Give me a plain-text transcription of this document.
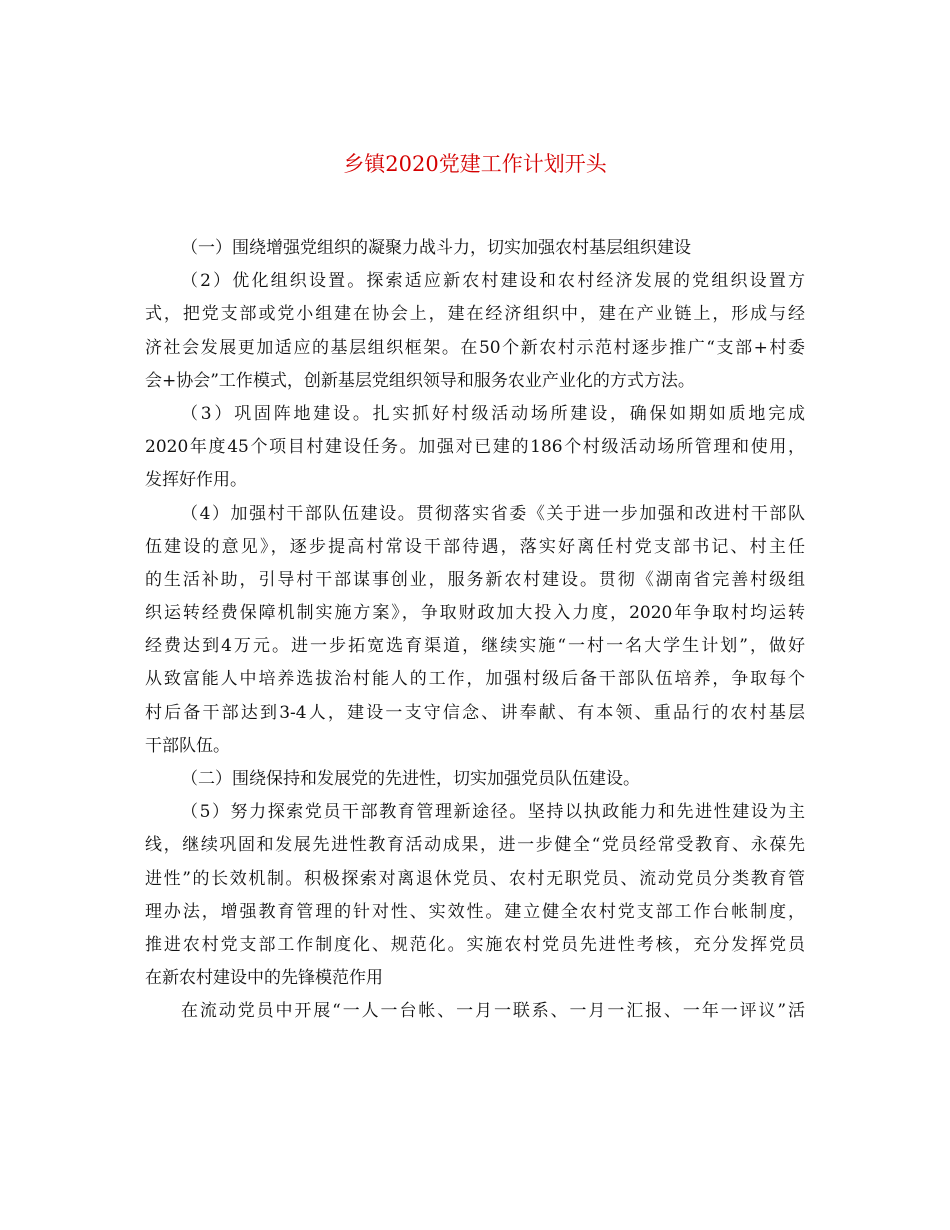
乡镇2020党建工作计划开头
（一）围绕增强党组织的凝聚力战斗力，切实加强农村基层组织建设
（2）优化组织设置。探索适应新农村建设和农村经济发展的党组织设置方
式，把党支部或党小组建在协会上，建在经济组织中，建在产业链上，形成与经
济社会发展更加适应的基层组织框架。在50个新农村示范村逐步推广“支部+村委
会+协会”工作模式，创新基层党组织领导和服务农业产业化的方式方法。
（3）巩固阵地建设。扎实抓好村级活动场所建设，确保如期如质地完成
2020年度45个项目村建设任务。加强对已建的186个村级活动场所管理和使用，
发挥好作用。
（4）加强村干部队伍建设。贯彻落实省委《关于进一步加强和改进村干部队
伍建设的意见》，逐步提高村常设干部待遇，落实好离任村党支部书记、村主任
的生活补助，引导村干部谋事创业，服务新农村建设。贯彻《湖南省完善村级组
织运转经费保障机制实施方案》，争取财政加大投入力度，2020年争取村均运转
经费达到4万元。进一步拓宽选育渠道，继续实施“一村一名大学生计划”，做好
从致富能人中培养选拔治村能人的工作，加强村级后备干部队伍培养，争取每个
村后备干部达到3-4人，建设一支守信念、讲奉献、有本领、重品行的农村基层
干部队伍。
（二）围绕保持和发展党的先进性，切实加强党员队伍建设。
（5）努力探索党员干部教育管理新途径。坚持以执政能力和先进性建设为主
线，继续巩固和发展先进性教育活动成果，进一步健全“党员经常受教育、永葆先
进性”的长效机制。积极探索对离退休党员、农村无职党员、流动党员分类教育管
理办法，增强教育管理的针对性、实效性。建立健全农村党支部工作台帐制度，
推进农村党支部工作制度化、规范化。实施农村党员先进性考核，充分发挥党员
在新农村建设中的先锋模范作用
在流动党员中开展“一人一台帐、一月一联系、一月一汇报、一年一评议”活
